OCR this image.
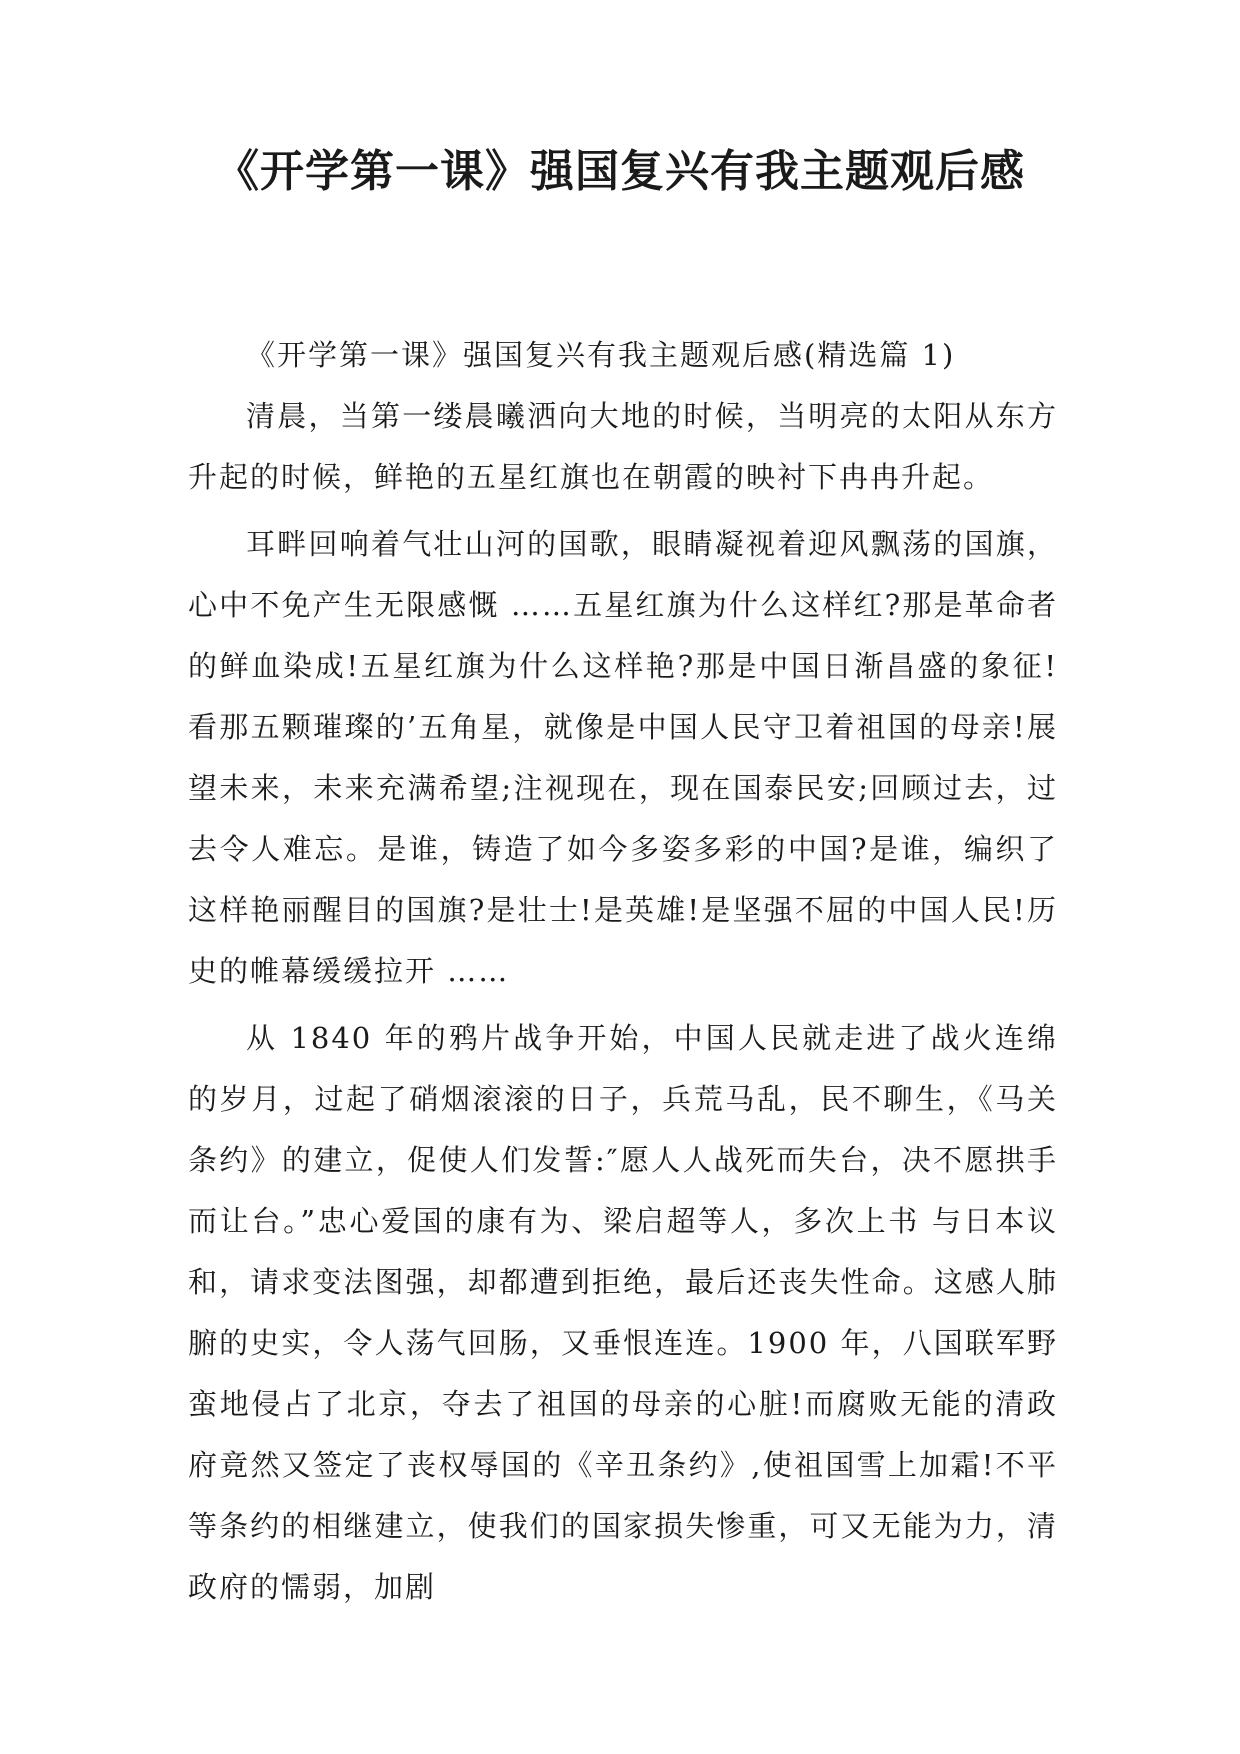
《开学第一课》强国复兴有我主题观后感

《开学第一课》强国复兴有我主题观后感(精选篇 1)

清晨，当第一缕晨曦洒向大地的时候，当明亮的太阳从东方升起的时候，鲜艳的五星红旗也在朝霞的映衬下冉冉升起。

耳畔回响着气壮山河的国歌，眼睛凝视着迎风飘荡的国旗，心中不免产生无限感慨 ……五星红旗为什么这样红?那是革命者的鲜血染成!五星红旗为什么这样艳?那是中国日渐昌盛的象征!看那五颗璀璨的’五角星，就像是中国人民守卫着祖国的母亲!展望未来，未来充满希望;注视现在，现在国泰民安;回顾过去，过去令人难忘。是谁，铸造了如今多姿多彩的中国?是谁，编织了这样艳丽醒目的国旗?是壮士!是英雄!是坚强不屈的中国人民!历史的帷幕缓缓拉开 ……

从 1840 年的鸦片战争开始，中国人民就走进了战火连绵的岁月，过起了硝烟滚滚的日子，兵荒马乱，民不聊生，《马关条约》的建立，促使人们发誓:″愿人人战死而失台，决不愿拱手而让台。”忠心爱国的康有为、梁启超等人，多次上书 与日本议和，请求变法图强，却都遭到拒绝，最后还丧失性命。这感人肺腑的史实，令人荡气回肠，又垂恨连连。1900 年，八国联军野蛮地侵占了北京，夺去了祖国的母亲的心脏!而腐败无能的清政府竟然又签定了丧权辱国的《辛丑条约》,使祖国雪上加霜!不平等条约的相继建立，使我们的国家损失惨重，可又无能为力，清政府的懦弱，加剧
